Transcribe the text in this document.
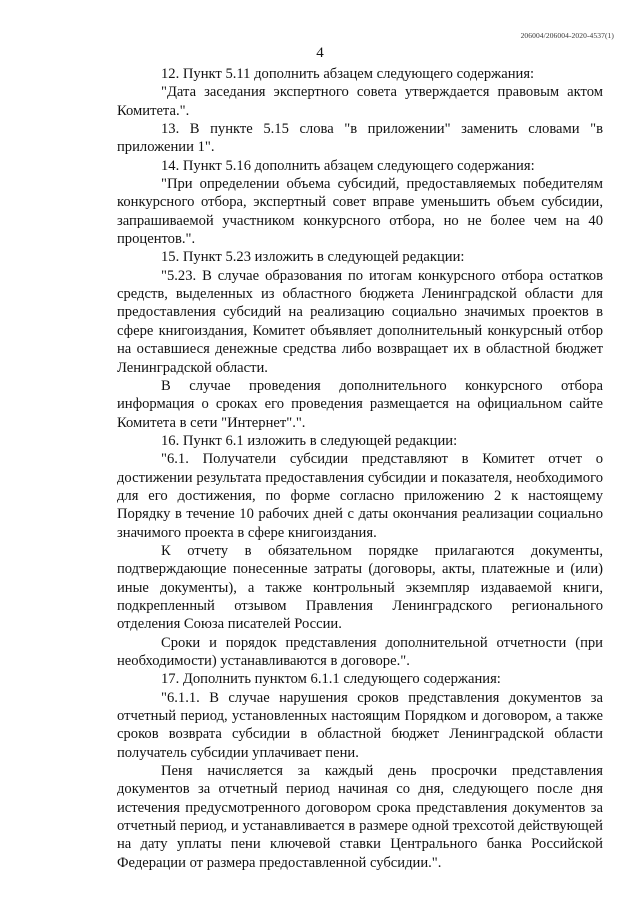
206004/206004-2020-4537(1)
4

12. Пункт 5.11 дополнить абзацем следующего содержания:

"Дата заседания экспертного совета утверждается правовым актом Комитета.".

13. В пункте 5.15 слова "в приложении" заменить словами "в приложении 1".

14. Пункт 5.16 дополнить абзацем следующего содержания:

"При определении объема субсидий, предоставляемых победителям конкурсного отбора, экспертный совет вправе уменьшить объем субсидии, запрашиваемой участником конкурсного отбора, но не более чем на 40 процентов.".

15. Пункт 5.23 изложить в следующей редакции:

"5.23. В случае образования по итогам конкурсного отбора остатков средств, выделенных из областного бюджета Ленинградской области для предоставления субсидий на реализацию социально значимых проектов в сфере книгоиздания, Комитет объявляет дополнительный конкурсный отбор на оставшиеся денежные средства либо возвращает их в областной бюджет Ленинградской области.

В случае проведения дополнительного конкурсного отбора информация о сроках его проведения размещается на официальном сайте Комитета в сети "Интернет".".

16. Пункт 6.1 изложить в следующей редакции:

"6.1. Получатели субсидии представляют в Комитет отчет о достижении результата предоставления субсидии и показателя, необходимого для его достижения, по форме согласно приложению 2 к настоящему Порядку в течение 10 рабочих дней с даты окончания реализации социально значимого проекта в сфере книгоиздания.

К отчету в обязательном порядке прилагаются документы, подтверждающие понесенные затраты (договоры, акты, платежные и (или) иные документы), а также контрольный экземпляр издаваемой книги, подкрепленный отзывом Правления Ленинградского регионального отделения Союза писателей России.

Сроки и порядок представления дополнительной отчетности (при необходимости) устанавливаются в договоре.".

17. Дополнить пунктом 6.1.1 следующего содержания:

"6.1.1. В случае нарушения сроков представления документов за отчетный период, установленных настоящим Порядком и договором, а также сроков возврата субсидии в областной бюджет Ленинградской области получатель субсидии уплачивает пени.

Пеня начисляется за каждый день просрочки представления документов за отчетный период начиная со дня, следующего после дня истечения предусмотренного договором срока представления документов за отчетный период, и устанавливается в размере одной трехсотой действующей на дату уплаты пени ключевой ставки Центрального банка Российской Федерации от размера предоставленной субсидии.".
